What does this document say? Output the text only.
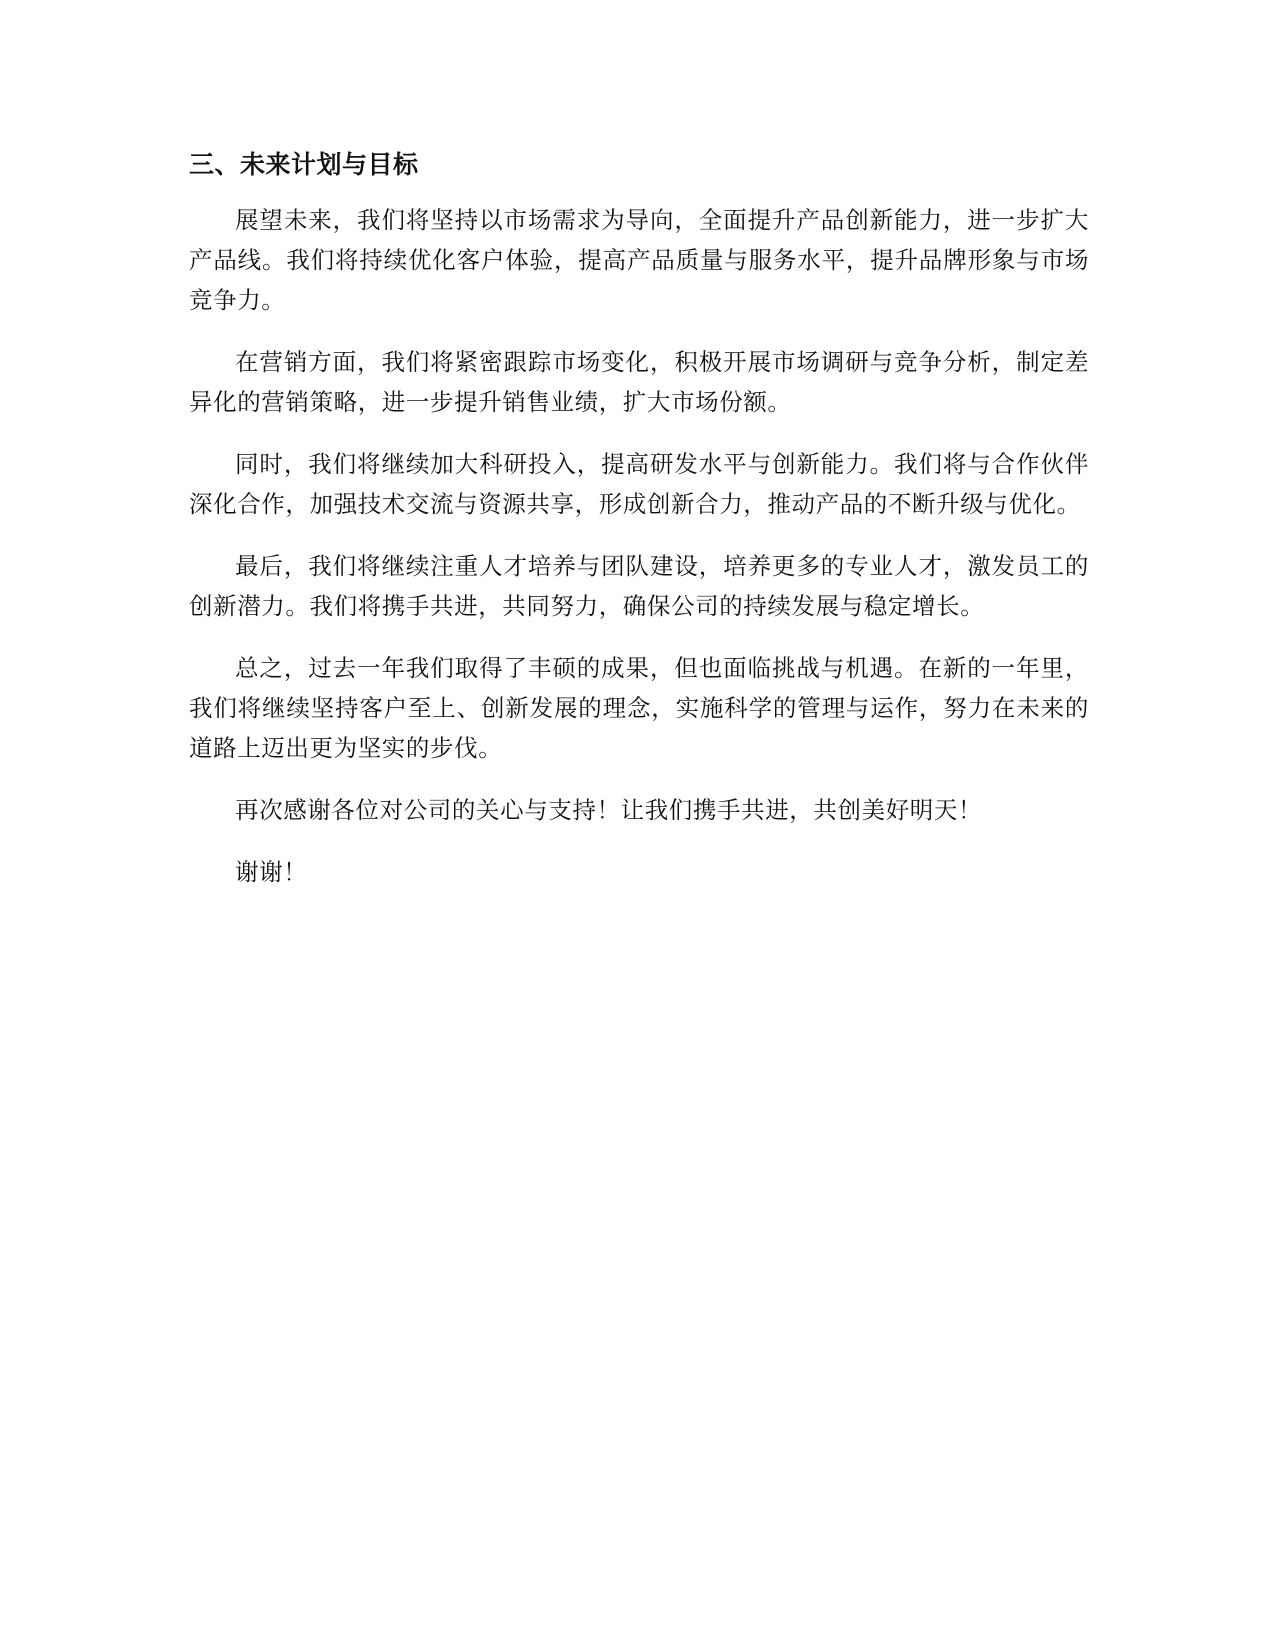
三、未来计划与目标

展望未来，我们将坚持以市场需求为导向，全面提升产品创新能力，进一步扩大产品线。我们将持续优化客户体验，提高产品质量与服务水平，提升品牌形象与市场竞争力。

在营销方面，我们将紧密跟踪市场变化，积极开展市场调研与竞争分析，制定差异化的营销策略，进一步提升销售业绩，扩大市场份额。

同时，我们将继续加大科研投入，提高研发水平与创新能力。我们将与合作伙伴深化合作，加强技术交流与资源共享，形成创新合力，推动产品的不断升级与优化。

最后，我们将继续注重人才培养与团队建设，培养更多的专业人才，激发员工的创新潜力。我们将携手共进，共同努力，确保公司的持续发展与稳定增长。

总之，过去一年我们取得了丰硕的成果，但也面临挑战与机遇。在新的一年里，我们将继续坚持客户至上、创新发展的理念，实施科学的管理与运作，努力在未来的道路上迈出更为坚实的步伐。

再次感谢各位对公司的关心与支持！让我们携手共进，共创美好明天！

谢谢！
